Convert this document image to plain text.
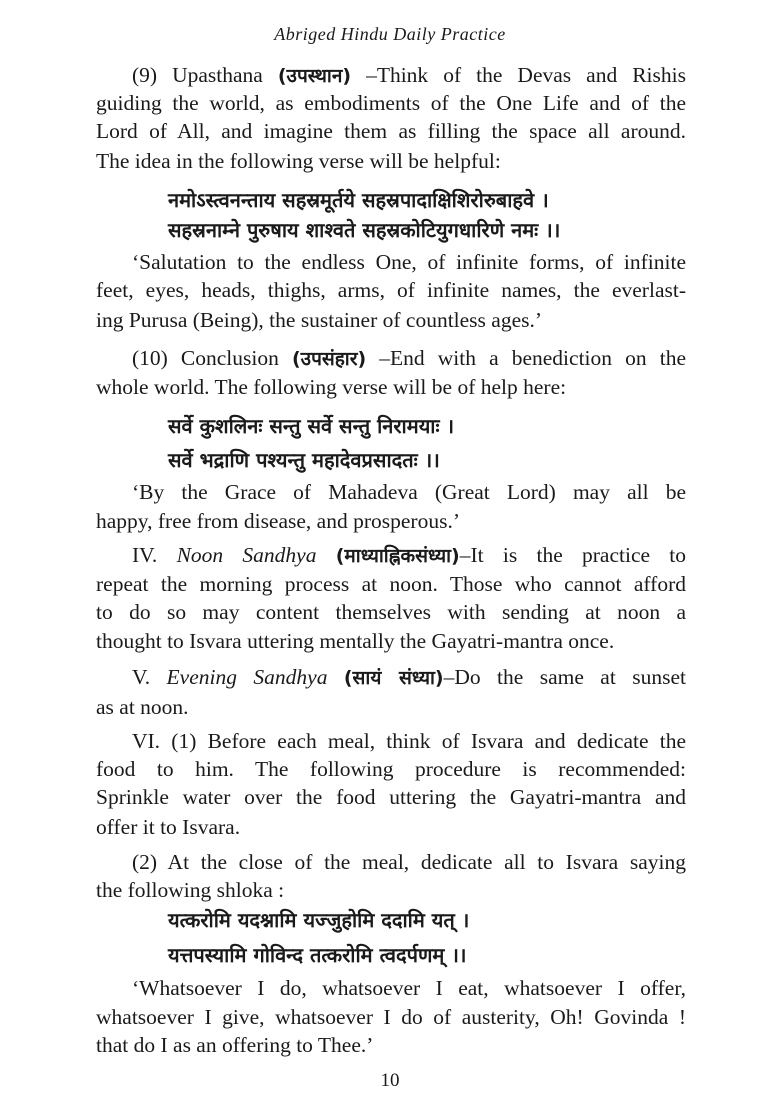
Abriged Hindu Daily Practice
(9) Upasthana (उपस्थान) –Think of the Devas and Rishis
guiding the world, as embodiments of the One Life and of the
Lord of All, and imagine them as filling the space all around.
The idea in the following verse will be helpful:
नमोऽस्त्वनन्ताय सहस्रमूर्तये सहस्रपादाक्षिशिरोरुबाहवे ।
सहस्रनाम्ने पुरुषाय शाश्वते सहस्रकोटियुगधारिणे नमः ।।
‘Salutation to the endless One, of infinite forms, of infinite
feet, eyes, heads, thighs, arms, of infinite names, the everlast-
ing Purusa (Being), the sustainer of countless ages.’
(10) Conclusion (उपसंहार) –End with a benediction on the
whole world. The following verse will be of help here:
सर्वे कुशलिनः सन्तु सर्वे सन्तु निरामयाः ।
सर्वे भद्राणि पश्यन्तु महादेवप्रसादतः ।।
‘By the Grace of Mahadeva (Great Lord) may all be
happy, free from disease, and prosperous.’
IV. Noon Sandhya (माध्याह्निकसंध्या)–It is the practice to
repeat the morning process at noon. Those who cannot afford
to do so may content themselves with sending at noon a
thought to Isvara uttering mentally the Gayatri-mantra once.
V. Evening Sandhya (सायं संध्या)–Do the same at sunset
as at noon.
VI. (1) Before each meal, think of Isvara and dedicate the
food to him. The following procedure is recommended:
Sprinkle water over the food uttering the Gayatri-mantra and
offer it to Isvara.
(2) At the close of the meal, dedicate all to Isvara saying
the following shloka :
यत्करोमि यदश्नामि यज्जुहोमि ददामि यत् ।
यत्तपस्यामि गोविन्द तत्करोमि त्वदर्पणम् ।।
‘Whatsoever I do, whatsoever I eat, whatsoever I offer,
whatsoever I give, whatsoever I do of austerity, Oh! Govinda !
that do I as an offering to Thee.’
10
